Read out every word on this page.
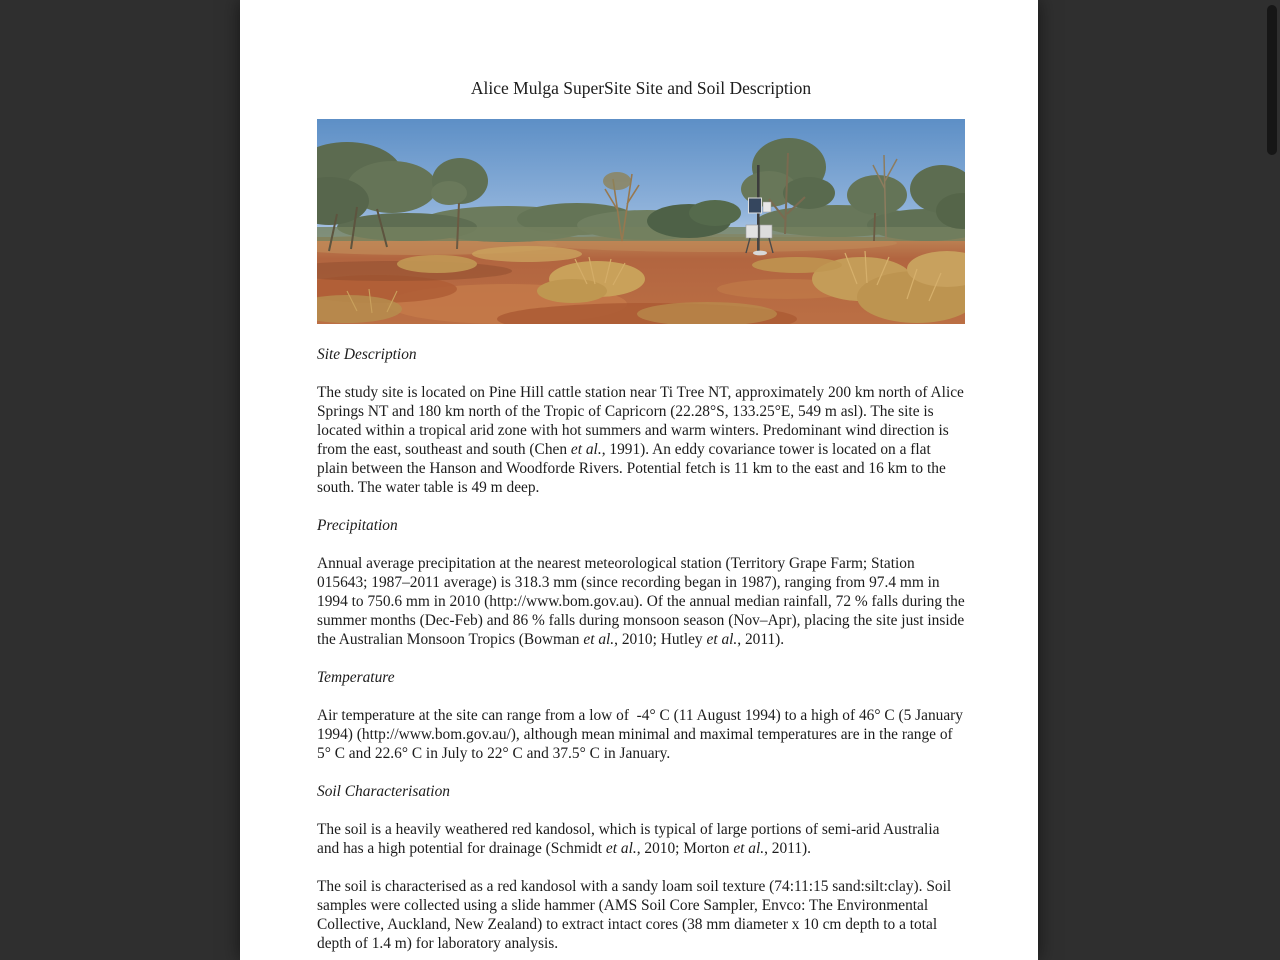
Alice Mulga SuperSite Site and Soil Description
Site Description

The study site is located on Pine Hill cattle station near Ti Tree NT, approximately 200 km north of Alice Springs NT and 180 km north of the Tropic of Capricorn (22.28°S, 133.25°E, 549 m asl). The site is located within a tropical arid zone with hot summers and warm winters. Predominant wind direction is from the east, southeast and south (Chen et al., 1991). An eddy covariance tower is located on a flat plain between the Hanson and Woodforde Rivers. Potential fetch is 11 km to the east and 16 km to the south. The water table is 49 m deep.

Precipitation

Annual average precipitation at the nearest meteorological station (Territory Grape Farm; Station 015643; 1987–2011 average) is 318.3 mm (since recording began in 1987), ranging from 97.4 mm in 1994 to 750.6 mm in 2010 (http://www.bom.gov.au). Of the annual median rainfall, 72 % falls during the summer months (Dec-Feb) and 86 % falls during monsoon season (Nov–Apr), placing the site just inside the Australian Monsoon Tropics (Bowman et al., 2010; Hutley et al., 2011).

Temperature

Air temperature at the site can range from a low of  -4° C (11 August 1994) to a high of 46° C (5 January 1994) (http://www.bom.gov.au/), although mean minimal and maximal temperatures are in the range of 5° C and 22.6° C in July to 22° C and 37.5° C in January.

Soil Characterisation

The soil is a heavily weathered red kandosol, which is typical of large portions of semi-arid Australia and has a high potential for drainage (Schmidt et al., 2010; Morton et al., 2011).

The soil is characterised as a red kandosol with a sandy loam soil texture (74:11:15 sand:silt:clay). Soil samples were collected using a slide hammer (AMS Soil Core Sampler, Envco: The Environmental Collective, Auckland, New Zealand) to extract intact cores (38 mm diameter x 10 cm depth to a total depth of 1.4 m) for laboratory analysis.
